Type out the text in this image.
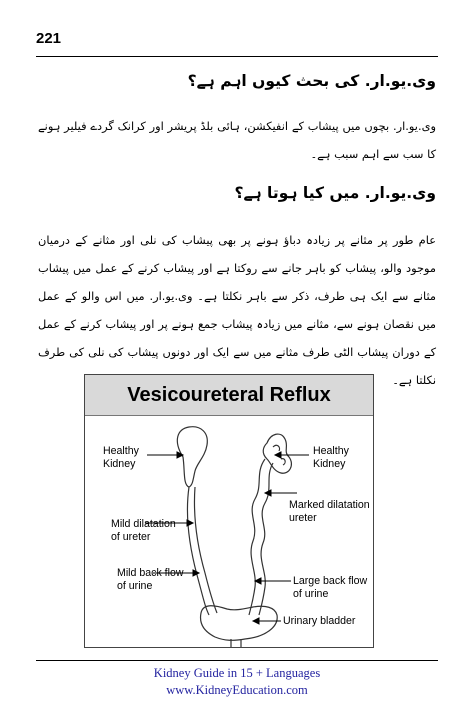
221
وی.یو.ار. کی بحث کیوں اہم ہے؟
وی.یو.ار. بچوں میں پیشاب کے انفیکشن، ہائی بلڈ پریشر اور کرانک گردے فیلیر ہونے کا سب سے اہم سبب ہے۔
وی.یو.ار. میں کیا ہوتا ہے؟
عام طور پر مثانے پر زیادہ دباؤ ہونے پر بھی پیشاب کی نلی اور مثانے کے درمیان موجود والو، پیشاب کو باہر جانے سے روکتا ہے اور پیشاب کرنے کے عمل میں پیشاب مثانے سے ایک ہی طرف، ذکر سے باہر نکلتا ہے۔ وی.یو.ار. میں اس والو کے عمل میں نقصان ہونے سے، مثانے میں زیادہ پیشاب جمع ہونے پر اور پیشاب کرنے کے عمل کے دوران پیشاب الٹی طرف مثانے میں سے ایک اور دونوں پیشاب کی نلی کی طرف نکلتا ہے۔
Vesicoureteral Reflux
Healthy
Kidney
Healthy
Kidney
Marked dilatation
ureter
Mild dilatation
of ureter
Mild back flow
of urine	Large back flow
of urine
Urinary bladder
Kidney Guide in 15 + Languages
www.KidneyEducation.com
